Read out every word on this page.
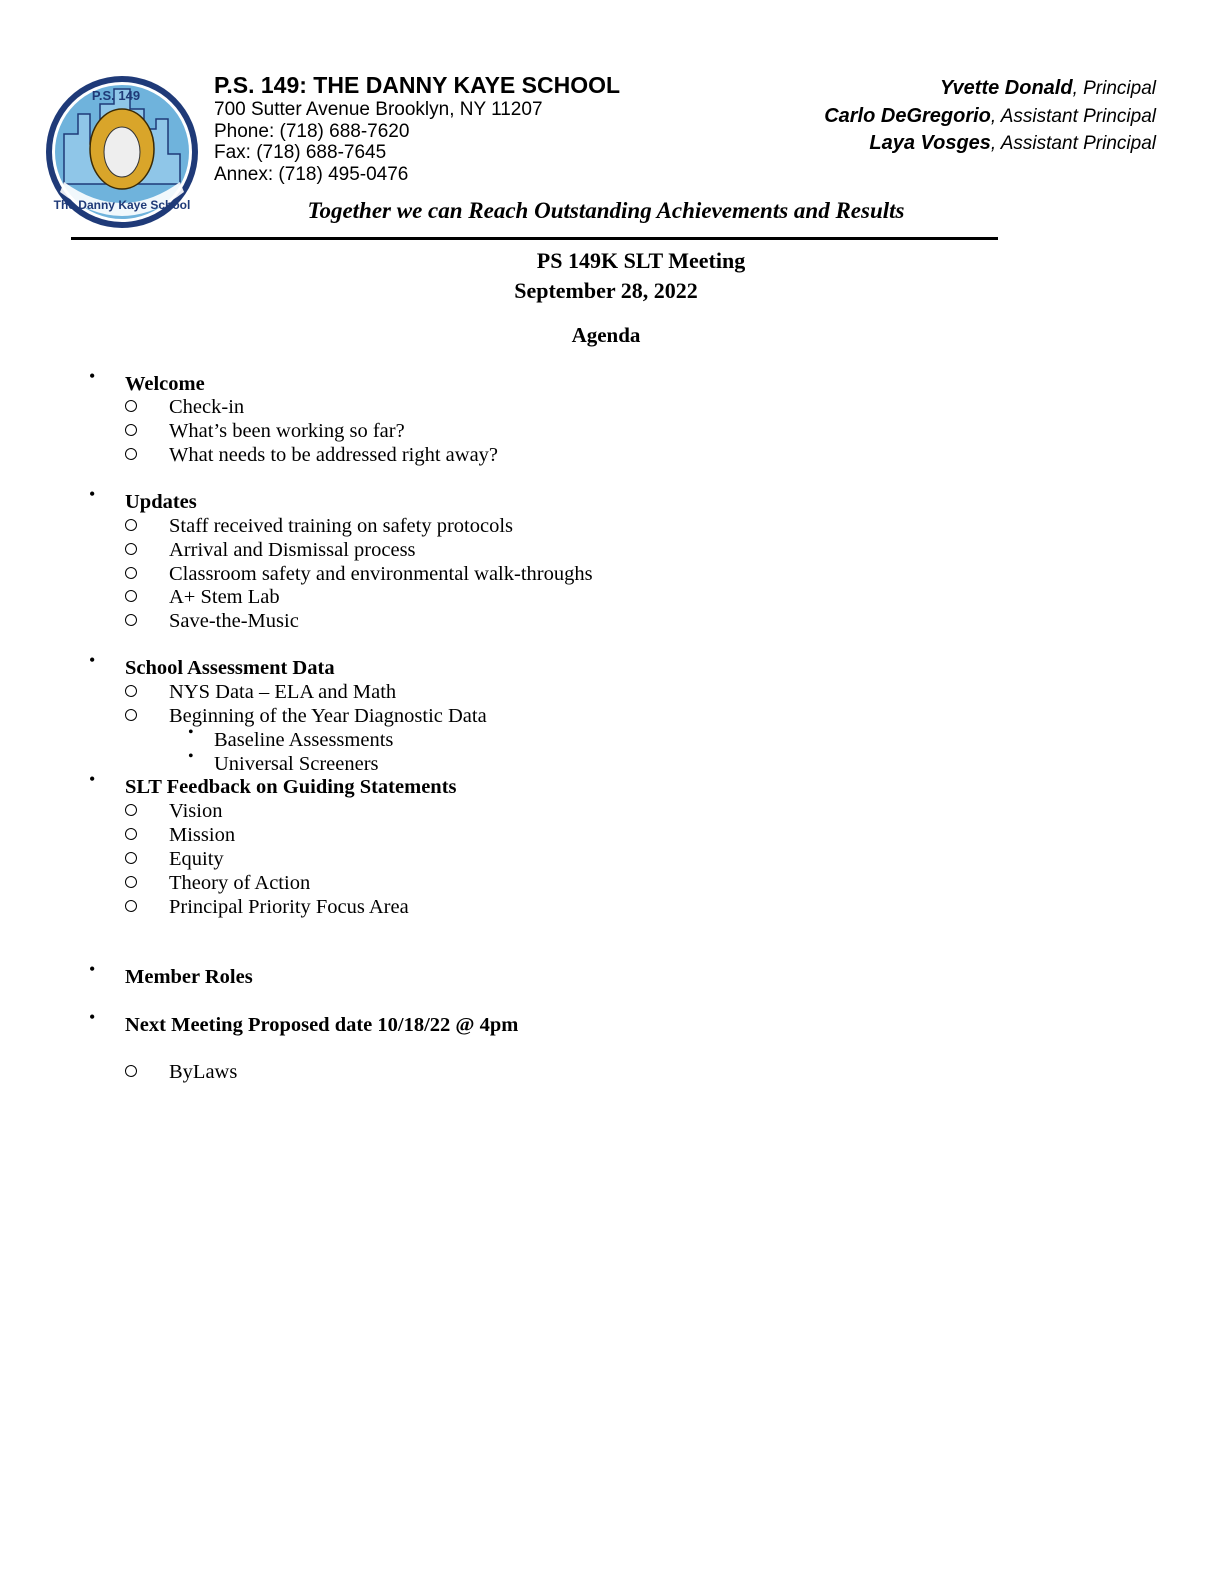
The Danny Kaye School
P.S. 149	P.S. 149: THE DANNY KAYE SCHOOL
700 Sutter Avenue Brooklyn, NY 11207
Phone: (718) 688-7620
Fax: (718) 688-7645
Annex: (718) 495-0476
Yvette Donald, Principal
Carlo DeGregorio, Assistant Principal
Laya Vosges, Assistant Principal
Together we can Reach Outstanding Achievements and Results
PS 149K SLT Meeting
September 28, 2022
Agenda
• Welcome
Check-in
What’s been working so far?
What needs to be addressed right away?
• Updates
Staff received training on safety protocols
Arrival and Dismissal process
Classroom safety and environmental walk-throughs
A+ Stem Lab
Save-the-Music
• School Assessment Data
NYS Data – ELA and Math
Beginning of the Year Diagnostic Data
• Baseline Assessments
• Universal Screeners
• SLT Feedback on Guiding Statements
Vision
Mission
Equity
Theory of Action
Principal Priority Focus Area
• Member Roles
• Next Meeting Proposed date 10/18/22 @ 4pm
ByLaws
